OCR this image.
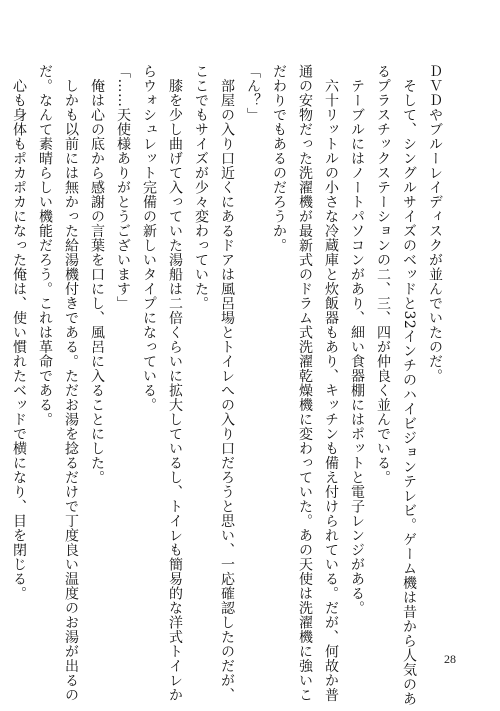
ＤＶＤやブルーレイディスクが並んでいたのだ。
　そして、シングルサイズのベッドと32インチのハイビジョンテレビ。ゲーム機は昔から人気のあ
るプラスチックステーションの二、三、四が仲良く並んでいる。
　テーブルにはノートパソコンがあり、細い食器棚にはポットと電子レンジがある。
　六十リットルの小さな冷蔵庫と炊飯器もあり、キッチンも備え付けられている。だが、何故か普
通の安物だった洗濯機が最新式のドラム式洗濯乾燥機に変わっていた。あの天使は洗濯機に強いこ
だわりでもあるのだろうか。
「ん？」
　部屋の入り口近くにあるドアは風呂場とトイレへの入り口だろうと思い、一応確認したのだが、
ここでもサイズが少々変わっていた。
　膝を少し曲げて入っていた湯船は二倍くらいに拡大しているし、トイレも簡易的な洋式トイレか
らウォシュレット完備の新しいタイプになっている。
「……天使様ありがとうございます」
　俺は心の底から感謝の言葉を口にし、風呂に入ることにした。
　しかも以前には無かった給湯機付きである。ただお湯を捻るだけで丁度良い温度のお湯が出るの
だ。なんて素晴らしい機能だろう。これは革命である。
　心も身体もポカポカになった俺は、使い慣れたベッドで横になり、目を閉じる。
28
